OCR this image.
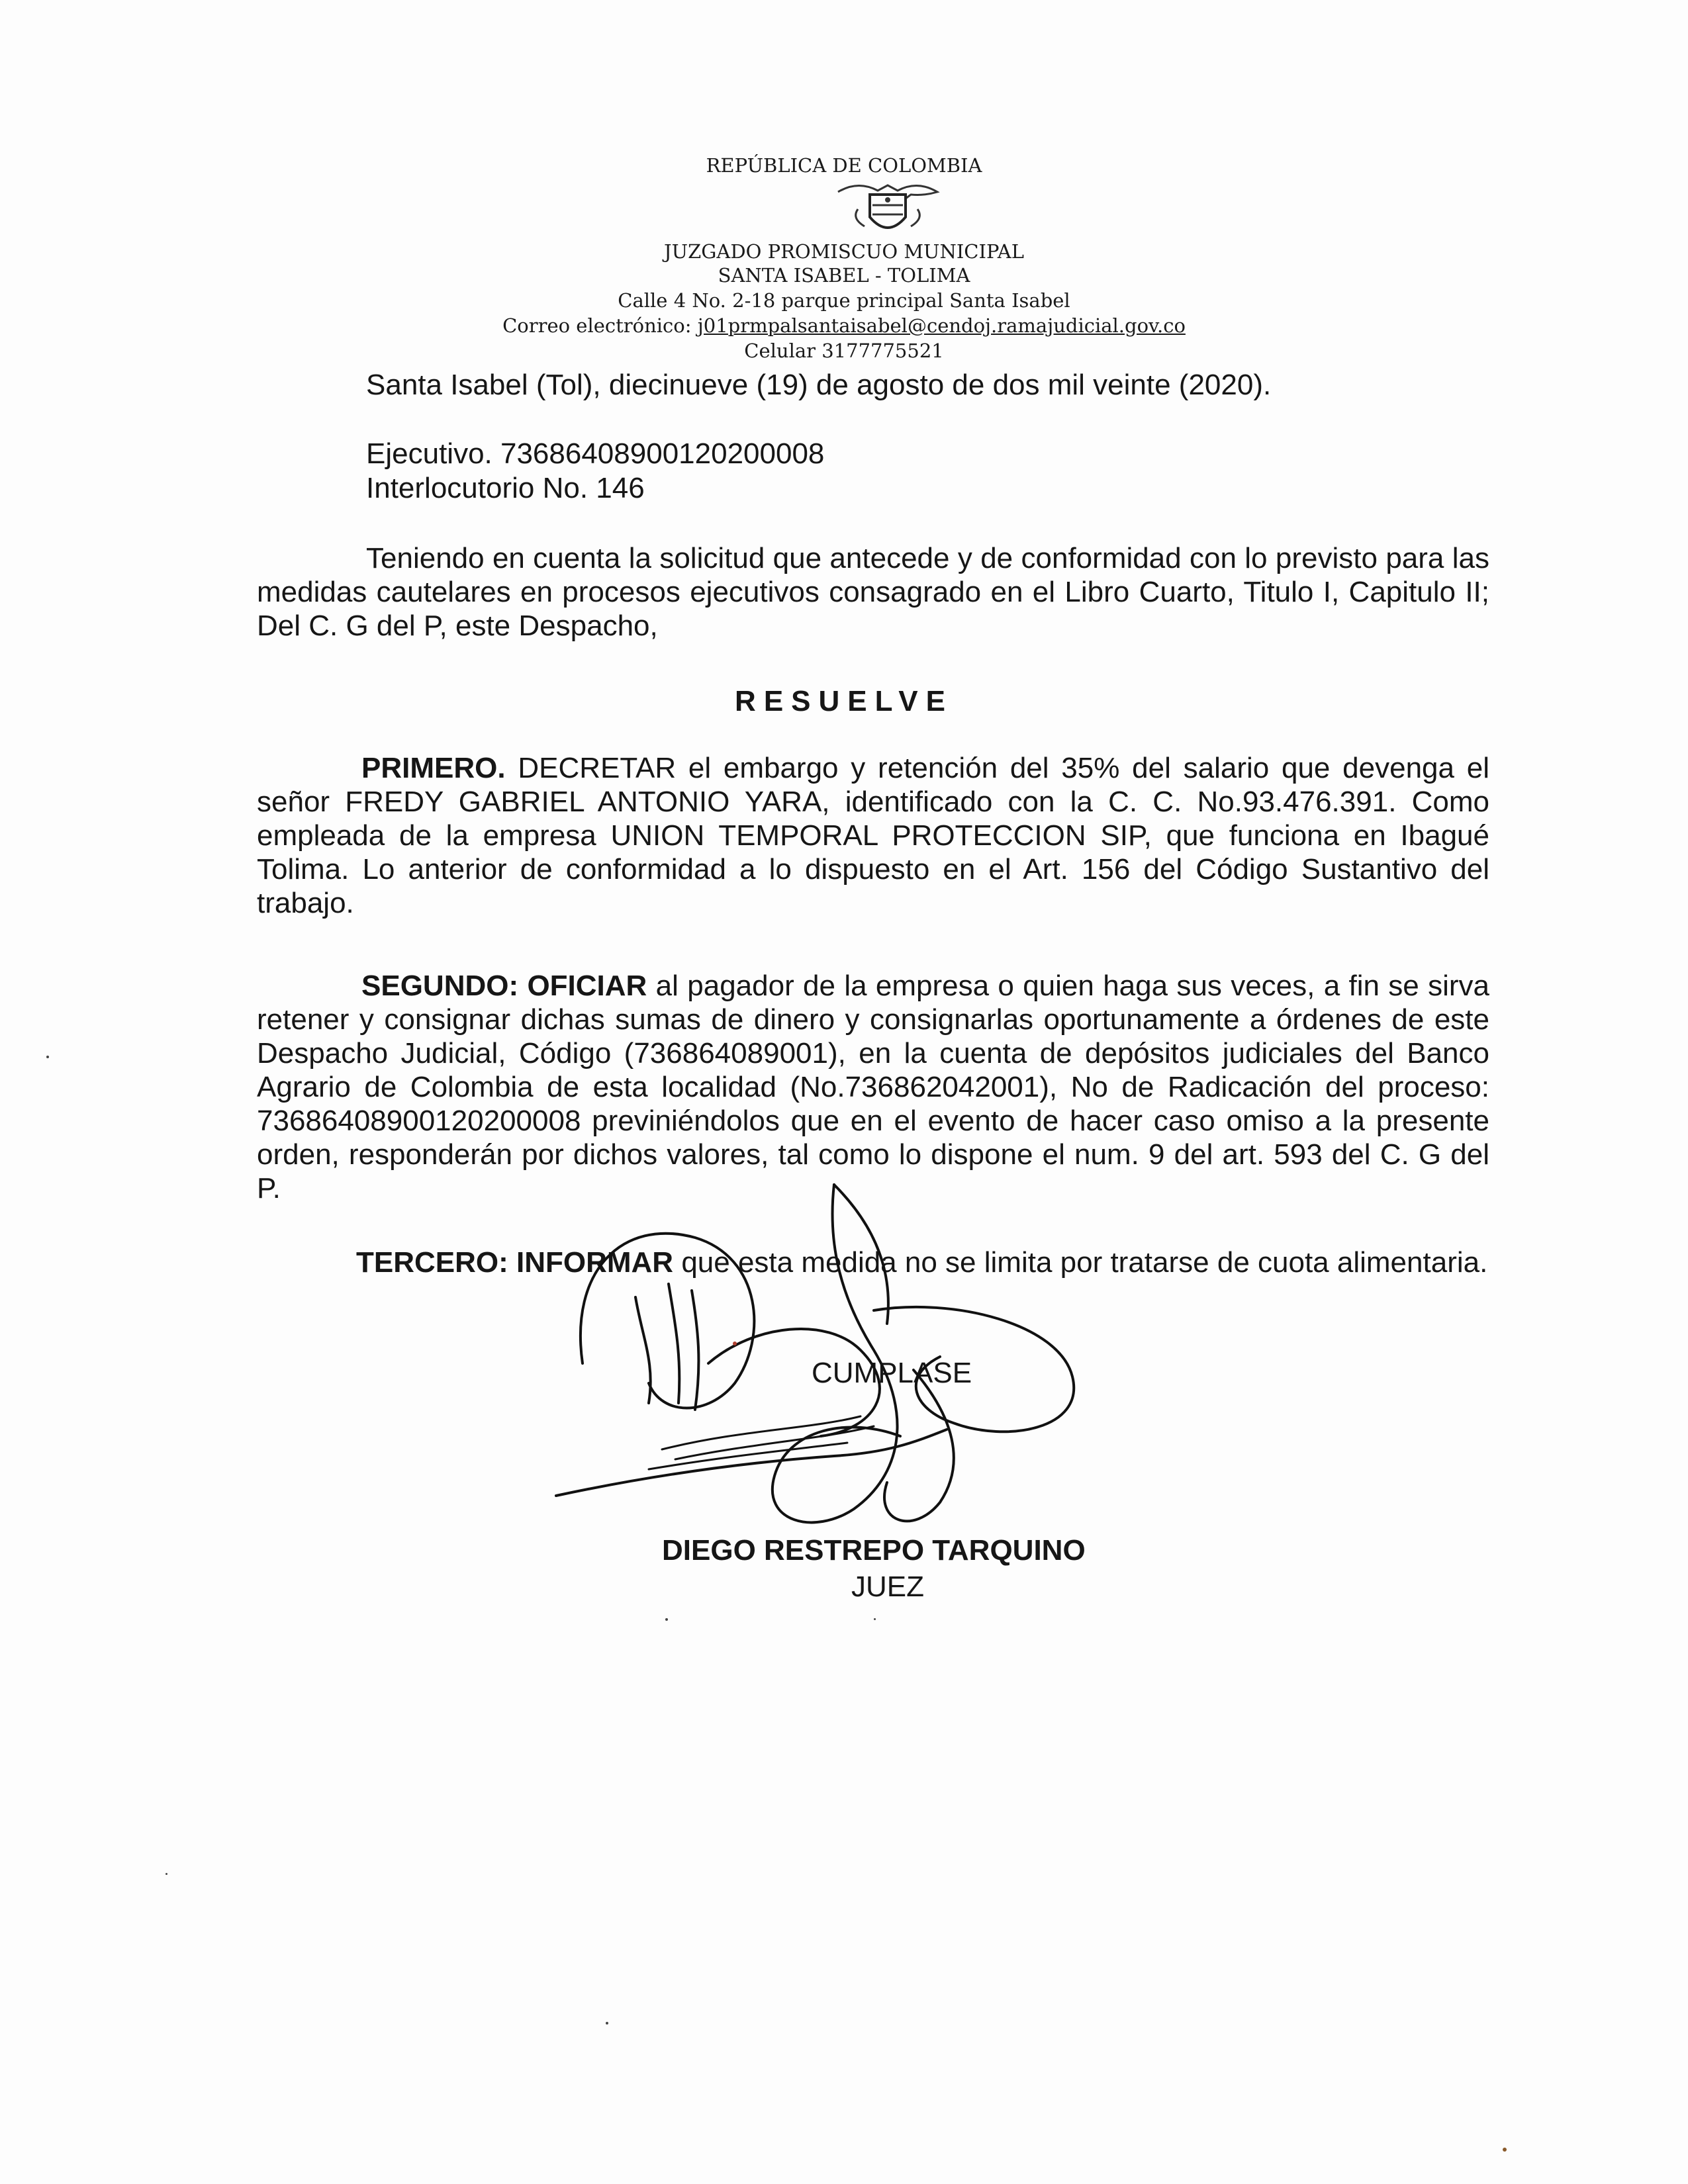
REPÚBLICA DE COLOMBIA
JUZGADO PROMISCUO MUNICIPAL
SANTA ISABEL - TOLIMA
Calle 4 No. 2-18 parque principal Santa Isabel
Correo electrónico: j01prmpalsantaisabel@cendoj.ramajudicial.gov.co
Celular 3177775521
Santa Isabel (Tol), diecinueve (19) de agosto de dos mil veinte (2020).
Ejecutivo. 73686408900120200008
Interlocutorio No. 146
Teniendo en cuenta la solicitud que antecede y de conformidad con lo previsto para las medidas cautelares en procesos ejecutivos consagrado en el Libro Cuarto, Titulo I, Capitulo II; Del C. G del P, este Despacho,
RESUELVE
PRIMERO. DECRETAR el embargo y retención del 35% del salario que devenga el señor FREDY GABRIEL ANTONIO YARA, identificado con la C. C. No.93.476.391. Como empleada de la empresa UNION TEMPORAL PROTECCION SIP, que funciona en Ibagué Tolima. Lo anterior de conformidad a lo dispuesto en el Art. 156 del Código Sustantivo del trabajo.
SEGUNDO: OFICIAR al pagador de la empresa o quien haga sus veces, a fin se sirva retener y consignar dichas sumas de dinero y consignarlas oportunamente a órdenes de este Despacho Judicial, Código (736864089001), en la cuenta de depósitos judiciales del Banco Agrario de Colombia de esta localidad (No.736862042001), No de Radicación del proceso: 73686408900120200008 previniéndolos que en el evento de hacer caso omiso a la presente orden, responderán por dichos valores, tal como lo dispone el num. 9 del art. 593 del C. G del P.
TERCERO: INFORMAR que esta medida no se limita por tratarse de cuota alimentaria.
CUMPLASE
DIEGO RESTREPO TARQUINO
JUEZ
